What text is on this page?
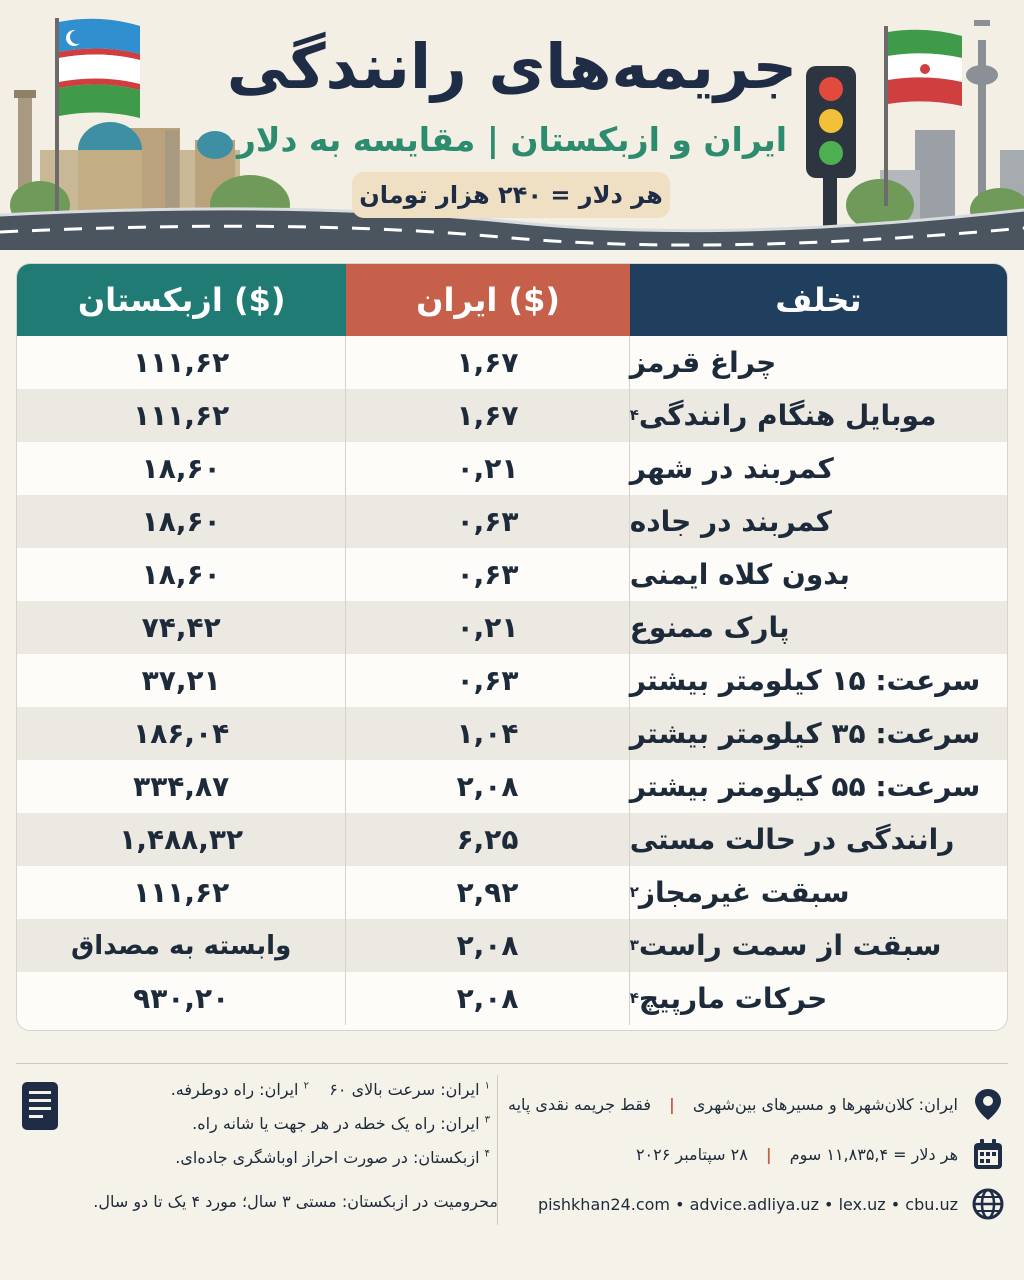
جریمه‌های رانندگی
ایران و ازبکستان | مقایسه به دلار
هر دلار = ۲۴۰ هزار تومان
ازبکستان ($)	ایران ($)	تخلف
۱۱۱,۶۲	۱,۶۷	چراغ قرمز
۱۱۱,۶۲	۱,۶۷	موبایل هنگام رانندگی
۴
۱۸,۶۰	۰,۲۱	کمربند در شهر
۱۸,۶۰	۰,۶۳	کمربند در جاده
۱۸,۶۰	۰,۶۳	بدون کلاه ایمنی
۷۴,۴۲	۰,۲۱	پارک ممنوع
۳۷,۲۱	۰,۶۳	سرعت: ۱۵ کیلومتر بیشتر
۱۸۶,۰۴	۱,۰۴	سرعت: ۳۵ کیلومتر بیشتر
۳۳۴,۸۷	۲,۰۸	سرعت: ۵۵ کیلومتر بیشتر
۱,۴۸۸,۳۲	۶,۲۵	رانندگی در حالت مستی
۱۱۱,۶۲	۲,۹۲	سبقت غیرمجاز
۲
وابسته به مصداق	۲,۰۸	سبقت از سمت راست
۳
۹۳۰,۲۰	۲,۰۸	حرکات مارپیچ
۴
ایران: کلان‌شهرها و مسیرهای بین‌شهری
|
فقط جریمه نقدی پایه
هر دلار = ۱۱,۸۳۵,۴ سوم
|
۲۸ سپتامبر ۲۰۲۶
pishkhan24.com • advice.adliya.uz • lex.uz • cbu.uz
$^۱$ ایران: سرعت بالای ۶۰    $^۲$ ایران: راه دوطرفه.
$^۳$ ایران: راه یک خطه در هر جهت یا شانه راه.
$^۴$ ازبکستان: در صورت احراز اوباشگری جاده‌ای.
محرومیت در ازبکستان: مستی ۳ سال؛ مورد ۴ یک تا دو سال.
